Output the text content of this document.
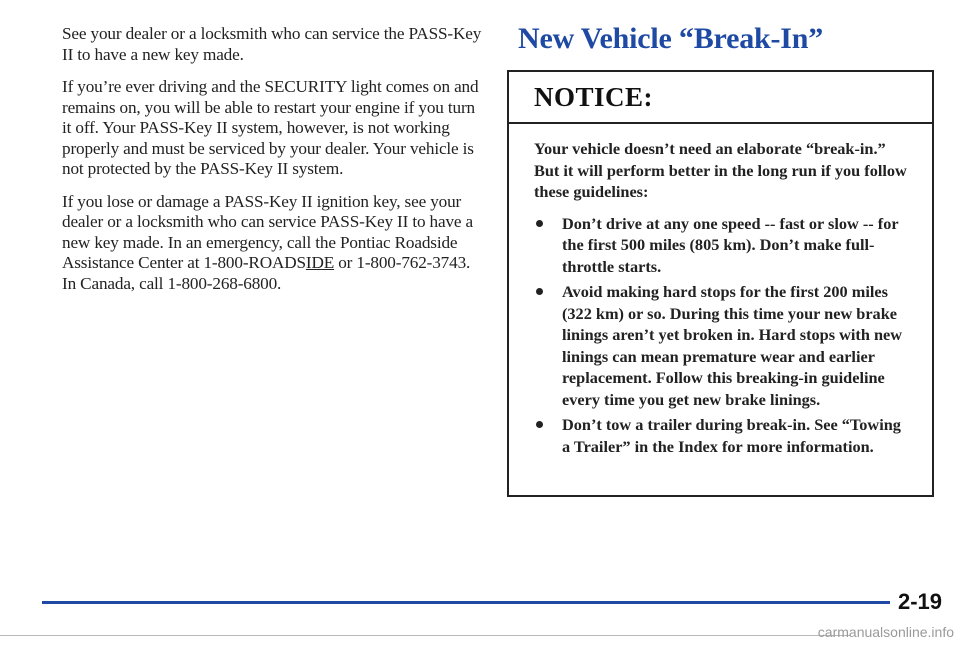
See your dealer or a locksmith who can service the PASS-Key II to have a new key made.

If you’re ever driving and the SECURITY light comes on and remains on, you will be able to restart your engine if you turn it off. Your PASS-Key II system, however, is not working properly and must be serviced by your dealer. Your vehicle is not protected by the PASS-Key II system.

If you lose or damage a PASS-Key II ignition key, see your dealer or a locksmith who can service PASS-Key II to have a new key made. In an emergency, call the Pontiac Roadside Assistance Center at 1-800-ROADSIDE or 1-800-762-3743.

In Canada, call 1-800-268-6800.

New Vehicle “Break-In”
NOTICE:

Your vehicle doesn’t need an elaborate “break-in.” But it will perform better in the long run if you follow these guidelines:

Don’t drive at any one speed -- fast or slow -- for the first 500 miles (805 km). Don’t make full-throttle starts.
Avoid making hard stops for the first 200 miles (322 km) or so. During this time your new brake linings aren’t yet broken in. Hard stops with new linings can mean premature wear and earlier replacement. Follow this breaking-in guideline every time you get new brake linings.
Don’t tow a trailer during break-in. See “Towing a Trailer” in the Index for more information.
2-19
carmanualsonline.info
